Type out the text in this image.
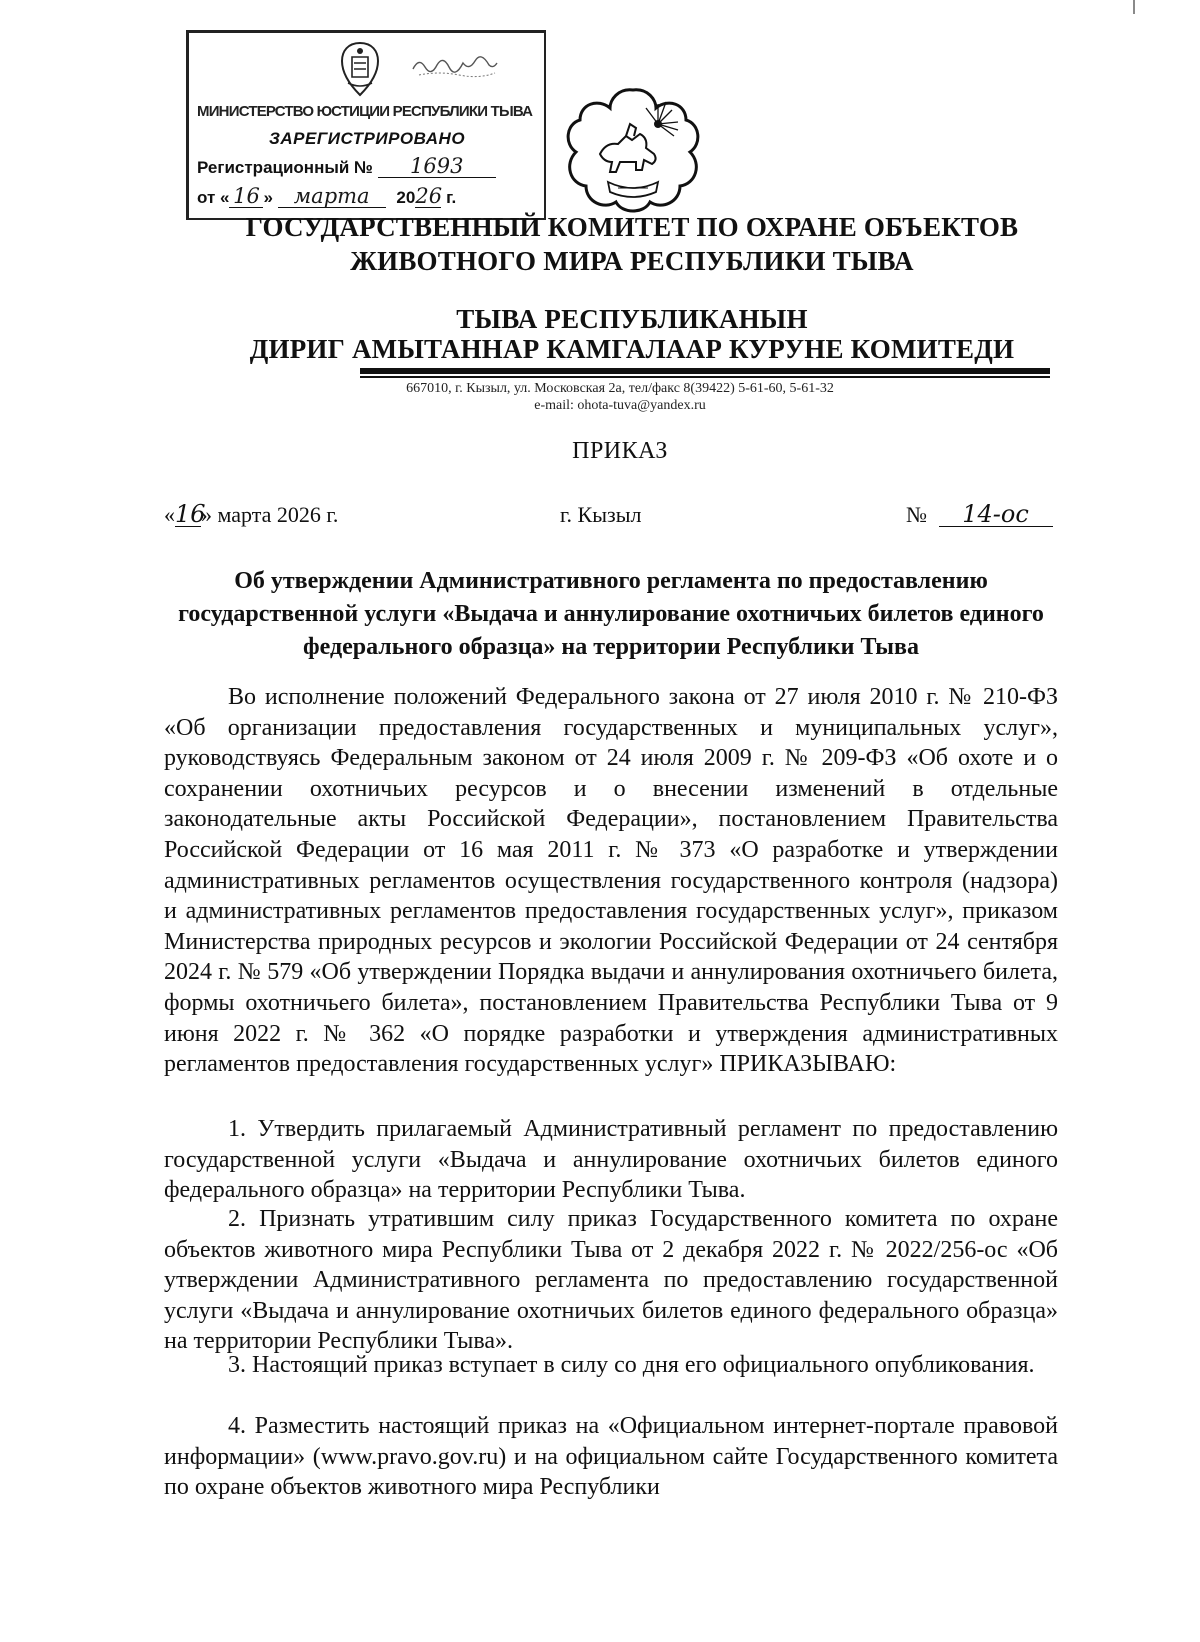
МИНИСТЕРСТВО ЮСТИЦИИ РЕСПУБЛИКИ ТЫВА
ЗАРЕГИСТРИРОВАНО
Регистрационный № 1693
от « 16 » марта 2026 г.
ГОСУДАРСТВЕННЫЙ КОМИТЕТ ПО ОХРАНЕ ОБЪЕКТОВ
ЖИВОТНОГО МИРА РЕСПУБЛИКИ ТЫВА
ТЫВА РЕСПУБЛИКАНЫН
ДИРИГ АМЫТАННАР КАМГАЛААР КУРУНЕ КОМИТЕДИ
667010, г. Кызыл, ул. Московская 2а, тел/факс 8(39422) 5-61-60, 5-61-32
e-mail: ohota-tuva@yandex.ru
ПРИКАЗ
«16» марта 2026 г.	г. Кызыл	№ 14-ос
Об утверждении Административного регламента по предоставлению государственной услуги «Выдача и аннулирование охотничьих билетов единого федерального образца» на территории Республики Тыва

Во исполнение положений Федерального закона от 27 июля 2010 г. № 210-ФЗ «Об организации предоставления государственных и муниципальных услуг», руководствуясь Федеральным законом от 24 июля 2009 г. № 209-ФЗ «Об охоте и о сохранении охотничьих ресурсов и о внесении изменений в отдельные законодательные акты Российской Федерации», постановлением Правительства Российской Федерации от 16 мая 2011 г. № 373 «О разработке и утверждении административных регламентов осуществления государственного контроля (надзора) и административных регламентов предоставления государственных услуг», приказом Министерства природных ресурсов и экологии Российской Федерации от 24 сентября 2024 г. № 579 «Об утверждении Порядка выдачи и аннулирования охотничьего билета, формы охотничьего билета», постановлением Правительства Республики Тыва от 9 июня 2022 г. № 362 «О порядке разработки и утверждения административных регламентов предоставления государственных услуг» ПРИКАЗЫВАЮ:

1. Утвердить прилагаемый Административный регламент по предоставлению государственной услуги «Выдача и аннулирование охотничьих билетов единого федерального образца» на территории Республики Тыва.

2. Признать утратившим силу приказ Государственного комитета по охране объектов животного мира Республики Тыва от 2 декабря 2022 г. № 2022/256-ос «Об утверждении Административного регламента по предоставлению государственной услуги «Выдача и аннулирование охотничьих билетов единого федерального образца» на территории Республики Тыва».

3. Настоящий приказ вступает в силу со дня его официального опубликования.

4. Разместить настоящий приказ на «Официальном интернет-портале правовой информации» (www.pravo.gov.ru) и на официальном сайте Государственного комитета по охране объектов животного мира Республики
